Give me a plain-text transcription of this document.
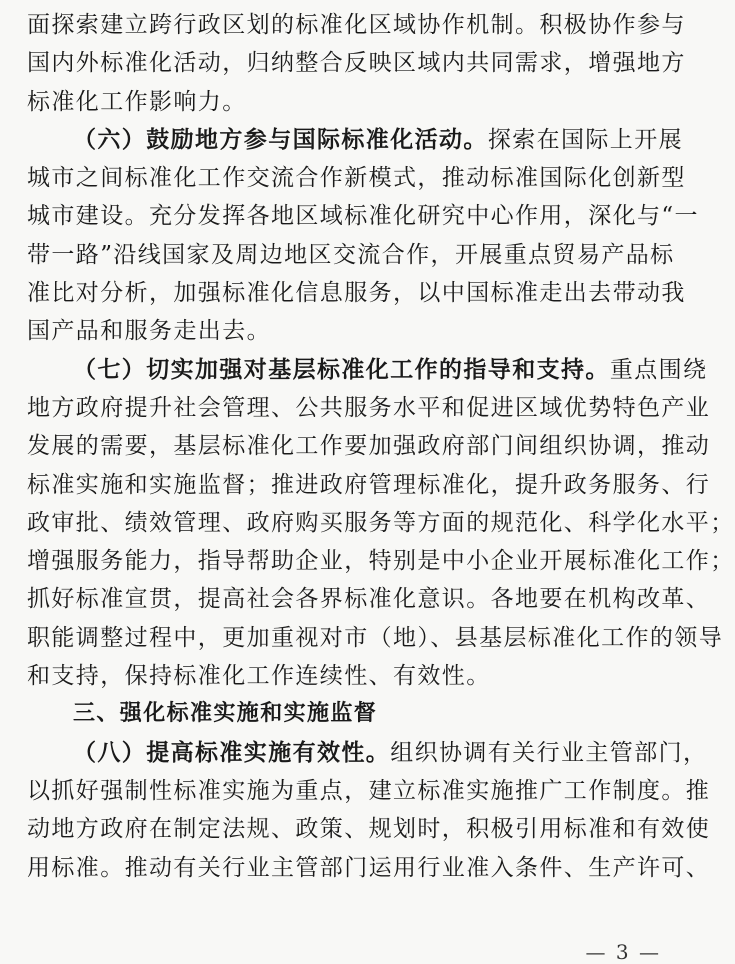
面探索建立跨行政区划的标准化区域协作机制。积极协作参与
国内外标准化活动，归纳整合反映区域内共同需求，增强地方
标准化工作影响力。
（六）鼓励地方参与国际标准化活动。探索在国际上开展
城市之间标准化工作交流合作新模式，推动标准国际化创新型
城市建设。充分发挥各地区域标准化研究中心作用，深化与“一
带一路”沿线国家及周边地区交流合作，开展重点贸易产品标
准比对分析，加强标准化信息服务，以中国标准走出去带动我
国产品和服务走出去。
（七）切实加强对基层标准化工作的指导和支持。重点围绕
地方政府提升社会管理、公共服务水平和促进区域优势特色产业
发展的需要，基层标准化工作要加强政府部门间组织协调，推动
标准实施和实施监督；推进政府管理标准化，提升政务服务、行
政审批、绩效管理、政府购买服务等方面的规范化、科学化水平；
增强服务能力，指导帮助企业，特别是中小企业开展标准化工作；
抓好标准宣贯，提高社会各界标准化意识。各地要在机构改革、
职能调整过程中，更加重视对市（地）、县基层标准化工作的领导
和支持，保持标准化工作连续性、有效性。
三、强化标准实施和实施监督
（八）提高标准实施有效性。组织协调有关行业主管部门，
以抓好强制性标准实施为重点，建立标准实施推广工作制度。推
动地方政府在制定法规、政策、规划时，积极引用标准和有效使
用标准。推动有关行业主管部门运用行业准入条件、生产许可、
— 3 —
